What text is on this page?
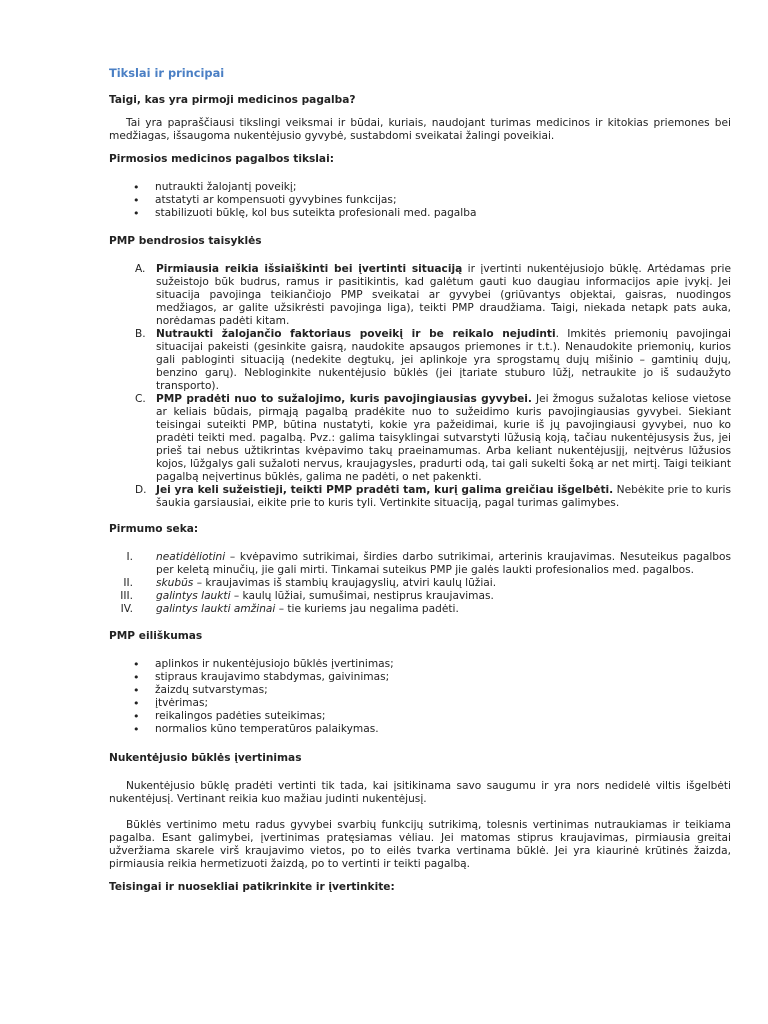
Tikslai ir principai
Taigi, kas yra pirmoji medicinos pagalba?

Tai yra papraščiausi tikslingi veiksmai ir būdai, kuriais, naudojant turimas medicinos ir kitokias priemones bei medžiagas, išsaugoma nukentėjusio gyvybė, sustabdomi sveikatai žalingi poveikiai.

Pirmosios medicinos pagalbos tikslai:
• nutraukti žalojantį poveikį;
• atstatyti ar kompensuoti gyvybines funkcijas;
• stabilizuoti būklę, kol bus suteikta profesionali med. pagalba
PMP bendrosios taisyklės
A. Pirmiausia reikia išsiaiškinti bei įvertinti situaciją ir įvertinti nukentėjusiojo būklę. Artėdamas prie sužeistojo būk budrus, ramus ir pasitikintis, kad galėtum gauti kuo daugiau informacijos apie įvykį. Jei situacija pavojinga teikiančiojo PMP sveikatai ar gyvybei (griūvantys objektai, gaisras, nuodingos medžiagos, ar galite užsikrėsti pavojinga liga), teikti PMP draudžiama. Taigi, niekada netapk pats auka, norėdamas padėti kitam.
B. Nutraukti žalojančio faktoriaus poveikį ir be reikalo nejudinti. Imkitės priemonių pavojingai situacijai pakeisti (gesinkite gaisrą, naudokite apsaugos priemones ir t.t.). Nenaudokite priemonių, kurios gali pabloginti situaciją (nedekite degtukų, jei aplinkoje yra sprogstamų dujų mišinio – gamtinių dujų, benzino garų). Nebloginkite nukentėjusio būklės (jei įtariate stuburo lūžį, netraukite jo iš sudaužyto transporto).
C. PMP pradėti nuo to sužalojimo, kuris pavojingiausias gyvybei. Jei žmogus sužalotas keliose vietose ar keliais būdais, pirmąją pagalbą pradėkite nuo to sužeidimo kuris pavojingiausias gyvybei. Siekiant teisingai suteikti PMP, būtina nustatyti, kokie yra pažeidimai, kurie iš jų pavojingiausi gyvybei, nuo ko pradėti teikti med. pagalbą. Pvz.: galima taisyklingai sutvarstyti lūžusią koją, tačiau nukentėjusysis žus, jei prieš tai nebus užtikrintas kvėpavimo takų praeinamumas. Arba keliant nukentėjusįjį, neįtvėrus lūžusios kojos, lūžgalys gali sužaloti nervus, kraujagysles, pradurti odą, tai gali sukelti šoką ar net mirtį. Taigi teikiant pagalbą neįvertinus būklės, galima ne padėti, o net pakenkti.
D. Jei yra keli sužeistieji, teikti PMP pradėti tam, kurį galima greičiau išgelbėti. Nebėkite prie to kuris šaukia garsiausiai, eikite prie to kuris tyli. Vertinkite situaciją, pagal turimas galimybes.
Pirmumo seka:
I. neatidėliotini – kvėpavimo sutrikimai, širdies darbo sutrikimai, arterinis kraujavimas. Nesuteikus pagalbos per keletą minučių, jie gali mirti. Tinkamai suteikus PMP jie galės laukti profesionalios med. pagalbos.
II. skubūs – kraujavimas iš stambių kraujagyslių, atviri kaulų lūžiai.
III. galintys laukti – kaulų lūžiai, sumušimai, nestiprus kraujavimas.
IV. galintys laukti amžinai – tie kuriems jau negalima padėti.
PMP eiliškumas
• aplinkos ir nukentėjusiojo būklės įvertinimas;
• stipraus kraujavimo stabdymas, gaivinimas;
• žaizdų sutvarstymas;
• įtvėrimas;
• reikalingos padėties suteikimas;
• normalios kūno temperatūros palaikymas.
Nukentėjusio būklės įvertinimas

Nukentėjusio būklę pradėti vertinti tik tada, kai įsitikinama savo saugumu ir yra nors nedidelė viltis išgelbėti nukentėjusį. Vertinant reikia kuo mažiau judinti nukentėjusį.

Būklės vertinimo metu radus gyvybei svarbių funkcijų sutrikimą, tolesnis vertinimas nutraukiamas ir teikiama pagalba. Esant galimybei, įvertinimas pratęsiamas vėliau. Jei matomas stiprus kraujavimas, pirmiausia greitai užveržiama skarele virš kraujavimo vietos, po to eilės tvarka vertinama būklė. Jei yra kiaurinė krūtinės žaizda, pirmiausia reikia hermetizuoti žaizdą, po to vertinti ir teikti pagalbą.

Teisingai ir nuosekliai patikrinkite ir įvertinkite:
